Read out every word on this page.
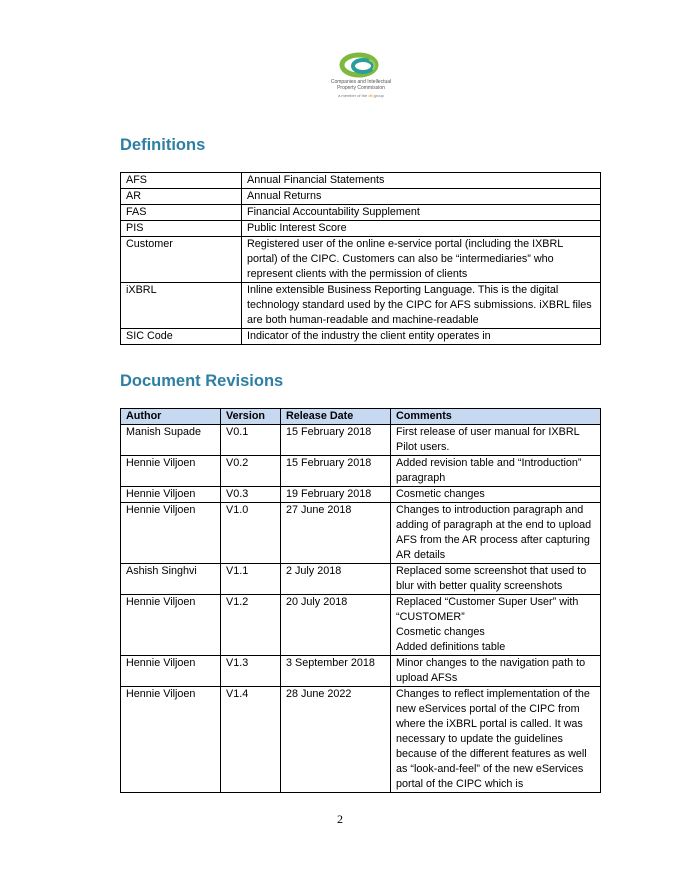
Companies and Intellectual
Property Commission
a member of the dti group
Definitions
AFS	Annual Financial Statements
AR	Annual Returns
FAS	Financial Accountability Supplement
PIS	Public Interest Score
Customer	Registered user of the online e-service portal (including the IXBRL portal) of the CIPC. Customers can also be “intermediaries” who represent clients with the permission of clients
iXBRL	Inline extensible Business Reporting Language. This is the digital technology standard used by the CIPC for AFS submissions. iXBRL files are both human-readable and machine-readable
SIC Code	Indicator of the industry the client entity operates in
Document Revisions
Author	Version	Release Date	Comments
Manish Supade	V0.1	15 February 2018	First release of user manual for IXBRL Pilot users.

Hennie Viljoen	V0.2	15 February 2018	Added revision table and “Introduction” paragraph

Hennie Viljoen	V0.3	19 February 2018	Cosmetic changes

Hennie Viljoen	V1.0	27 June 2018	Changes to introduction paragraph and adding of paragraph at the end to upload AFS from the AR process after capturing AR details

Ashish Singhvi	V1.1	2 July 2018	Replaced some screenshot that used to blur with better quality screenshots

Hennie Viljoen	V1.2	20 July 2018	Replaced “Customer Super User” with “CUSTOMER”
Cosmetic changes
Added definitions table

Hennie Viljoen	V1.3	3 September 2018	Minor changes to the navigation path to upload AFSs

Hennie Viljoen	V1.4	28 June 2022	Changes to reflect implementation of the new eServices portal of the CIPC from where the iXBRL portal is called. It was necessary to update the guidelines because of the different features as well as “look-and-feel” of the new eServices portal of the CIPC which is
2
